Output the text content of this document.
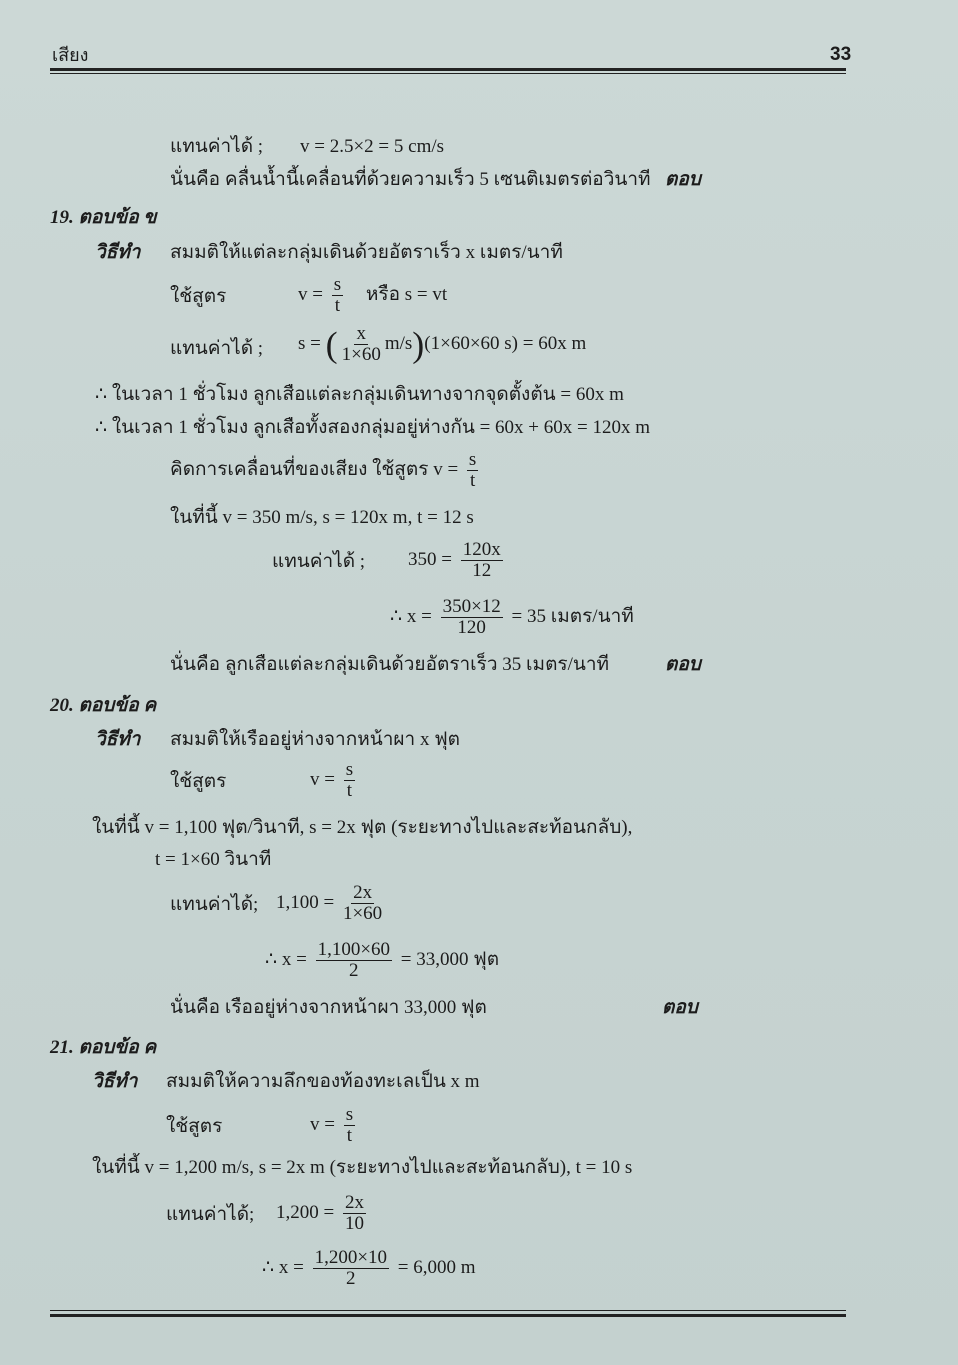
เสียง	33
แทนค่าได้ ; v = 2.5×2 = 5 cm/s
นั่นคือ คลื่นน้ำนี้เคลื่อนที่ด้วยความเร็ว 5 เซนติเมตรต่อวินาที ตอบ
19. ตอบข้อ ข
วิธีทำ สมมติให้แต่ละกลุ่มเดินด้วยอัตราเร็ว x เมตร/นาที
ใช้สูตร	$v = \frac{s}{t}$ หรือ s = vt
แทนค่าได้ ; s = ( $\frac{x}{1\times 60} m/s)(1\times 60\times 60$ s) = 60x m
∴ ในเวลา 1 ชั่วโมง ลูกเสือแต่ละกลุ่มเดินทางจากจุดตั้งต้น = 60x m
∴ ในเวลา 1 ชั่วโมง ลูกเสือทั้งสองกลุ่มอยู่ห่างกัน = 60x + 60x = 120x m
คิดการเคลื่อนที่ของเสียง ใช้สูตร $v = \frac{s}{t}$
ในที่นี้ v = 350 m/s, s = 120x m, t = 12 s
แทนค่าได้ ; $350 = \frac{120x}{12}$
∴ $x = \frac{350\times 12}{120} = 35$ เมตร/นาที
นั่นคือ ลูกเสือแต่ละกลุ่มเดินด้วยอัตราเร็ว 35 เมตร/นาที	ตอบ
20. ตอบข้อ ค
วิธีทำ สมมติให้เรืออยู่ห่างจากหน้าผา x ฟุต
ใช้สูตร	$v = \frac{s}{t}$
ในที่นี้ v = 1,100 ฟุต/วินาที, s = 2x ฟุต (ระยะทางไปและสะท้อนกลับ),
t = 1×60 วินาที
แทนค่าได้; $1,100 = \frac{2x}{1\times 60}$
∴ $x = \frac{1,100\times 60}{2} = 33,000$ ฟุต
นั่นคือ เรืออยู่ห่างจากหน้าผา 33,000 ฟุต	ตอบ
21. ตอบข้อ ค
วิธีทำ สมมติให้ความลึกของท้องทะเลเป็น x m
ใช้สูตร	$v = \frac{s}{t}$
ในที่นี้ v = 1,200 m/s, s = 2x m (ระยะทางไปและสะท้อนกลับ), t = 10 s
แทนค่าได้; $1,200 = \frac{2x}{10}$
∴ $x = \frac{1,200\times 10}{2} = 6,000$ m
